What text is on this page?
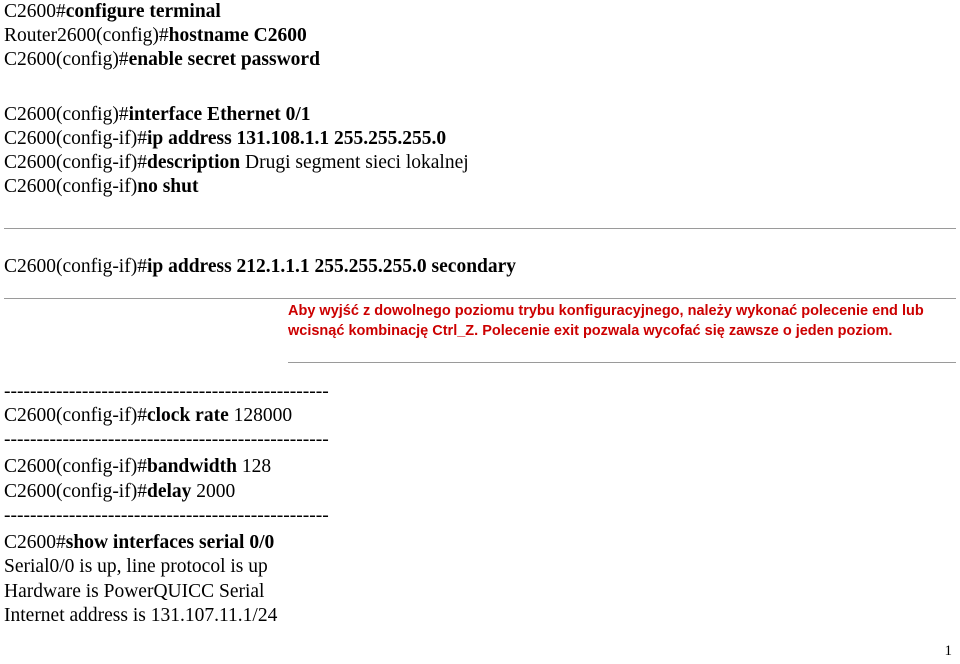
C2600#configure terminal

Router2600(config)#hostname C2600

C2600(config)#enable secret password

C2600(config)#interface Ethernet 0/1

C2600(config-if)#ip address 131.108.1.1 255.255.255.0

C2600(config-if)#description Drugi segment sieci lokalnej

C2600(config-if)no shut

C2600(config-if)#ip address 212.1.1.1 255.255.255.0 secondary

Aby wyjść z dowolnego poziomu trybu konfiguracyjnego, należy wykonać polecenie end lub wcisnąć kombinację Ctrl_Z. Polecenie exit pozwala wycofać się zawsze o jeden poziom.

--------------------------------------------------

C2600(config-if)#clock rate 128000

--------------------------------------------------

C2600(config-if)#bandwidth 128

C2600(config-if)#delay 2000

--------------------------------------------------

C2600#show interfaces serial 0/0

Serial0/0 is up, line protocol is up

Hardware is PowerQUICC Serial

Internet address is 131.107.11.1/24

1
